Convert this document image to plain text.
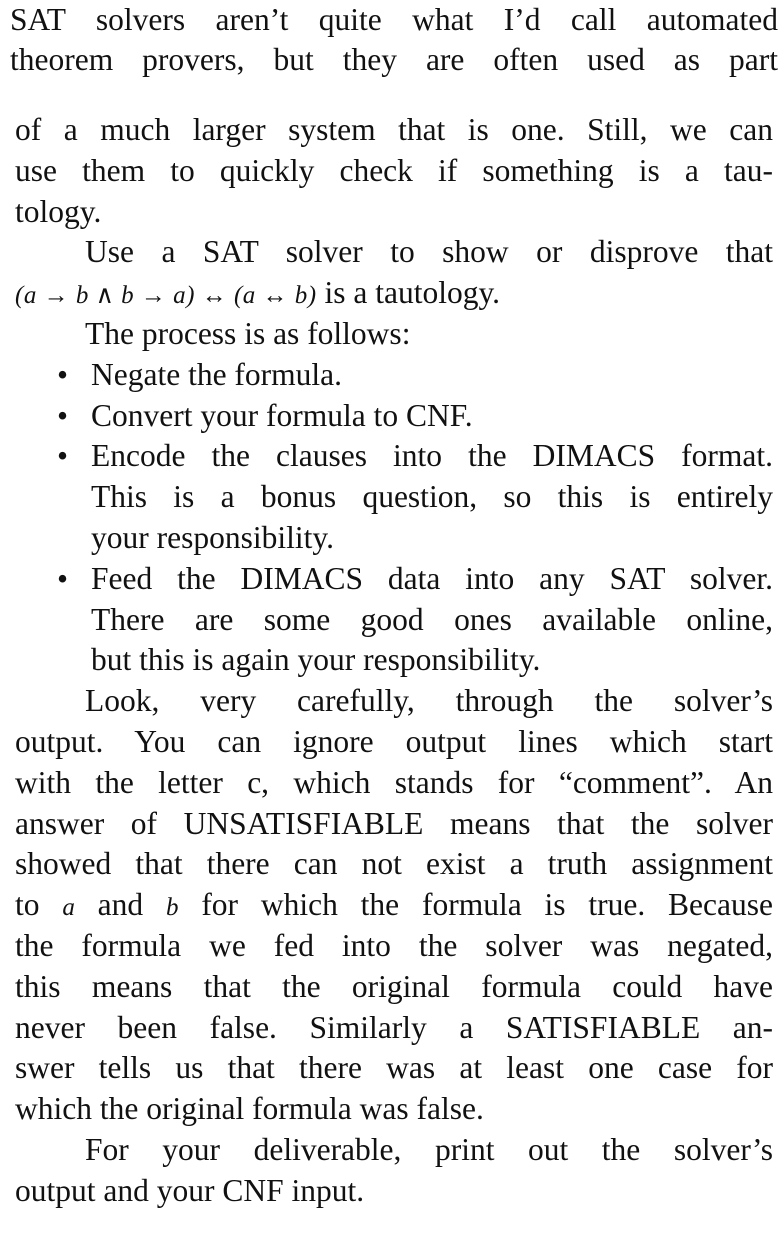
SAT solvers aren’t quite what I’d call automated
theorem provers, but they are often used as part
of a much larger system that is one. Still, we can
use them to quickly check if something is a tau-
tology.
Use a SAT solver to show or disprove that
(a → b ∧ b → a) ↔ (a ↔ b) is a tautology.
The process is as follows:
• Negate the formula.
• Convert your formula to CNF.
• Encode the clauses into the DIMACS format.
This is a bonus question, so this is entirely
your responsibility.
• Feed the DIMACS data into any SAT solver.
There are some good ones available online,
but this is again your responsibility.
Look, very carefully, through the solver’s
output. You can ignore output lines which start
with the letter c, which stands for “comment”. An
answer of UNSATISFIABLE means that the solver
showed that there can not exist a truth assignment
to a and b for which the formula is true. Because
the formula we fed into the solver was negated,
this means that the original formula could have
never been false. Similarly a SATISFIABLE an-
swer tells us that there was at least one case for
which the original formula was false.
For your deliverable, print out the solver’s
output and your CNF input.
